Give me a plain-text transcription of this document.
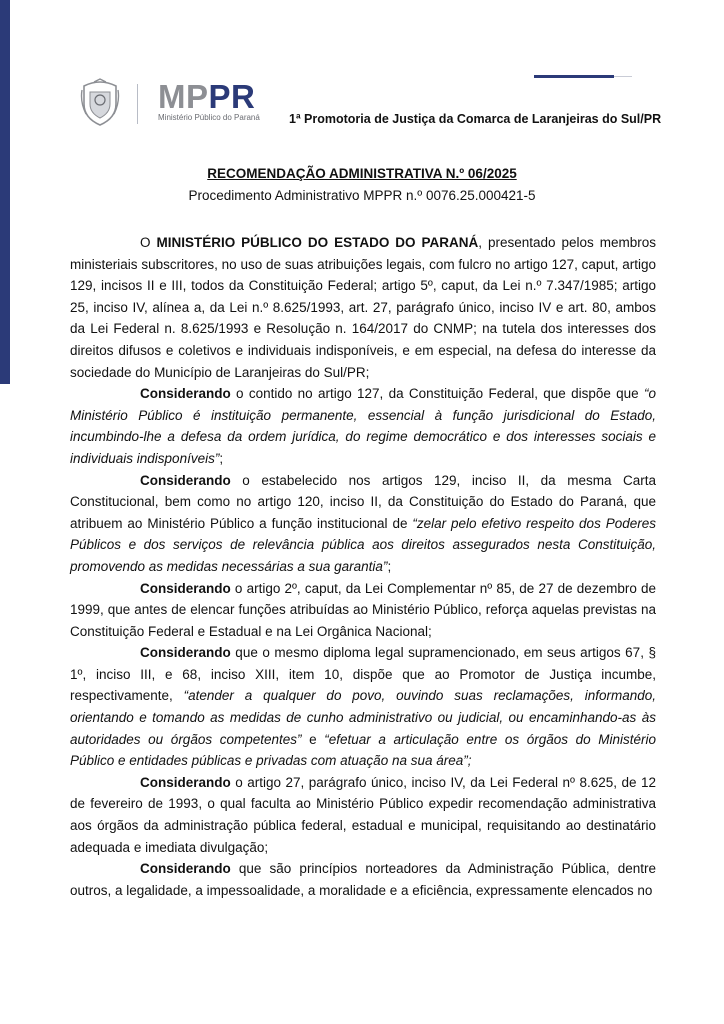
MPPR
Ministério Público do Paraná 1ª Promotoria de Justiça da Comarca de Laranjeiras do Sul/PR
RECOMENDAÇÃO ADMINISTRATIVA N.º 06/2025
Procedimento Administrativo MPPR n.º 0076.25.000421-5

O MINISTÉRIO PÚBLICO DO ESTADO DO PARANÁ, presentado pelos membros ministeriais subscritores, no uso de suas atribuições legais, com fulcro no artigo 127, caput, artigo 129, incisos II e III, todos da Constituição Federal; artigo 5º, caput, da Lei n.º 7.347/1985; artigo 25, inciso IV, alínea a, da Lei n.º 8.625/1993, art. 27, parágrafo único, inciso IV e art. 80, ambos da Lei Federal n. 8.625/1993 e Resolução n. 164/2017 do CNMP; na tutela dos interesses dos direitos difusos e coletivos e individuais indisponíveis, e em especial, na defesa do interesse da sociedade do Município de Laranjeiras do Sul/PR;

Considerando o contido no artigo 127, da Constituição Federal, que dispõe que “o Ministério Público é instituição permanente, essencial à função jurisdicional do Estado, incumbindo-lhe a defesa da ordem jurídica, do regime democrático e dos interesses sociais e individuais indisponíveis”;

Considerando o estabelecido nos artigos 129, inciso II, da mesma Carta Constitucional, bem como no artigo 120, inciso II, da Constituição do Estado do Paraná, que atribuem ao Ministério Público a função institucional de “zelar pelo efetivo respeito dos Poderes Públicos e dos serviços de relevância pública aos direitos assegurados nesta Constituição, promovendo as medidas necessárias a sua garantia”;

Considerando o artigo 2º, caput, da Lei Complementar nº 85, de 27 de dezembro de 1999, que antes de elencar funções atribuídas ao Ministério Público, reforça aquelas previstas na Constituição Federal e Estadual e na Lei Orgânica Nacional;

Considerando que o mesmo diploma legal supramencionado, em seus artigos 67, § 1º, inciso III, e 68, inciso XIII, item 10, dispõe que ao Promotor de Justiça incumbe, respectivamente, “atender a qualquer do povo, ouvindo suas reclamações, informando, orientando e tomando as medidas de cunho administrativo ou judicial, ou encaminhando-as às autoridades ou órgãos competentes” e “efetuar a articulação entre os órgãos do Ministério Público e entidades públicas e privadas com atuação na sua área”;

Considerando o artigo 27, parágrafo único, inciso IV, da Lei Federal nº 8.625, de 12 de fevereiro de 1993, o qual faculta ao Ministério Público expedir recomendação administrativa aos órgãos da administração pública federal, estadual e municipal, requisitando ao destinatário adequada e imediata divulgação;

Considerando que são princípios norteadores da Administração Pública, dentre outros, a legalidade, a impessoalidade, a moralidade e a eficiência, expressamente elencados no
